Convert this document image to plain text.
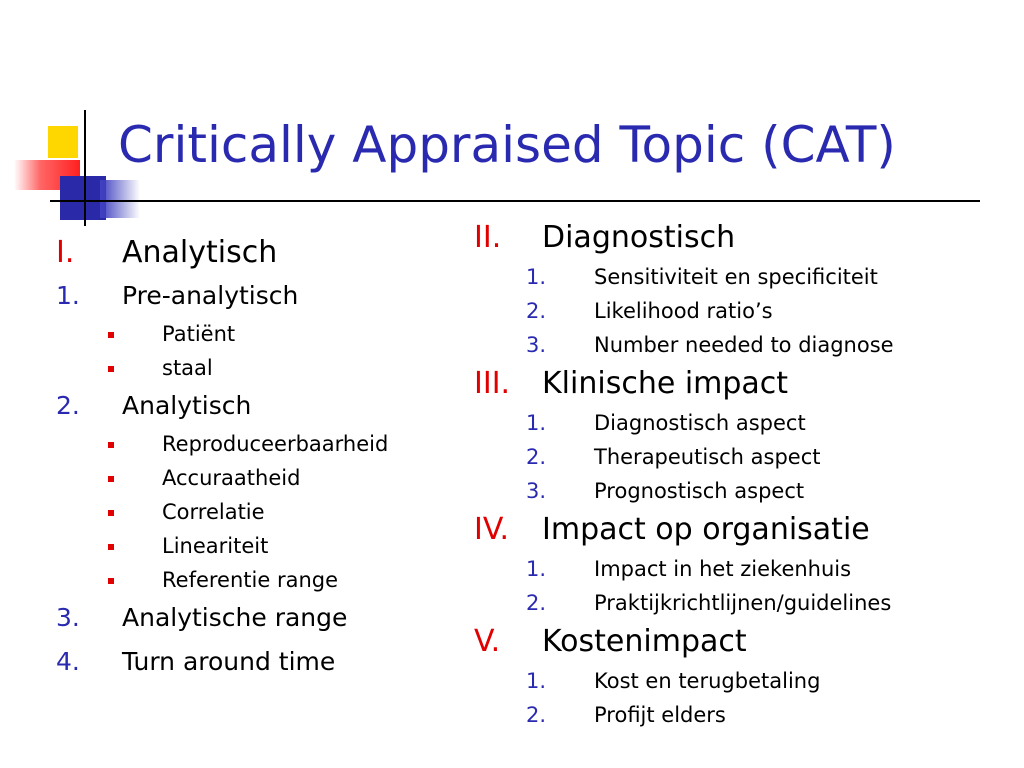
Critically Appraised Topic (CAT)
I. Analytisch
1. Pre-analytisch
Patiënt
staal
2. Analytisch
Reproduceerbaarheid
Accuraatheid
Correlatie
Lineariteit
Referentie range
3. Analytische range
4. Turn around time
II. Diagnostisch
1. Sensitiviteit en specificiteit
2. Likelihood ratio’s
3. Number needed to diagnose
III. Klinische impact
1. Diagnostisch aspect
2. Therapeutisch aspect
3. Prognostisch aspect
IV. Impact op organisatie
1. Impact in het ziekenhuis
2. Praktijkrichtlijnen/guidelines
V. Kostenimpact
1. Kost en terugbetaling
2. Profijt elders
